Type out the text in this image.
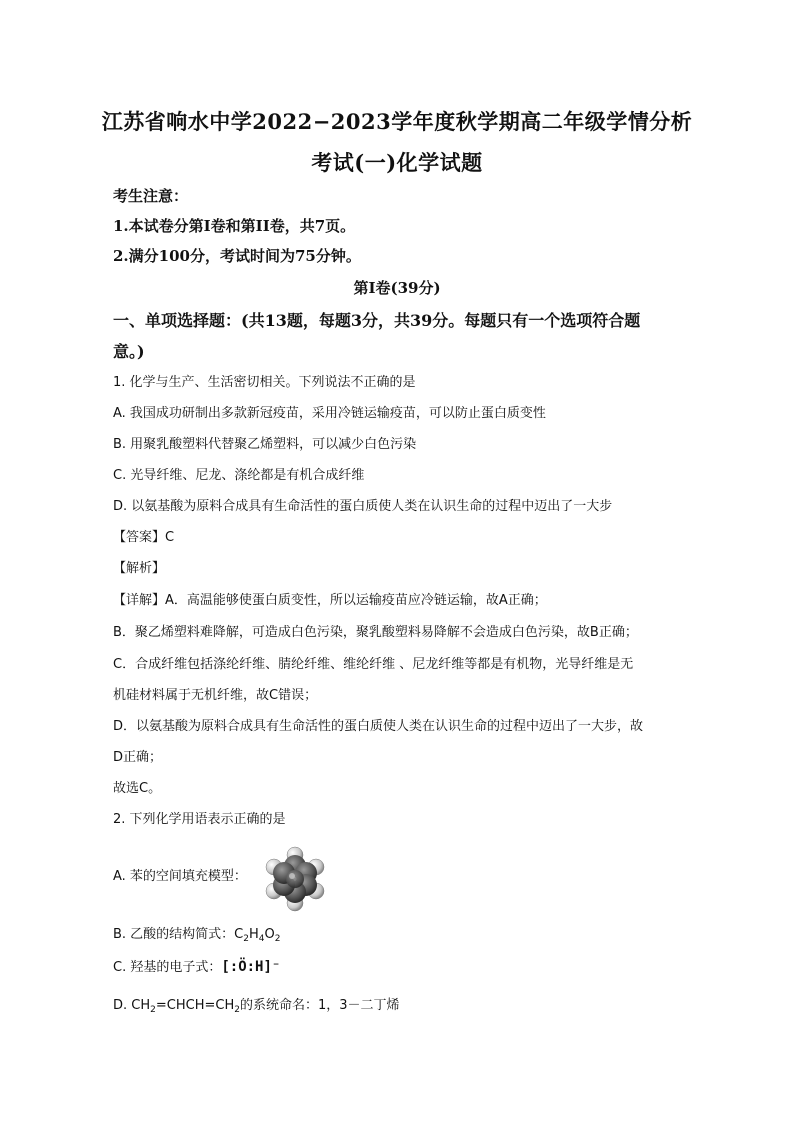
江苏省响水中学2022−2023学年度秋学期高二年级学情分析
考试(一)化学试题
考生注意：
1.本试卷分第I卷和第II卷，共7页。
2.满分100分，考试时间为75分钟。
第I卷(39分)
一、单项选择题：(共13题，每题3分，共39分。每题只有一个选项符合题
意。)
1. 化学与生产、生活密切相关。下列说法不正确的是
A. 我国成功研制出多款新冠疫苗，采用冷链运输疫苗，可以防止蛋白质变性
B. 用聚乳酸塑料代替聚乙烯塑料，可以减少白色污染
C. 光导纤维、尼龙、涤纶都是有机合成纤维
D. 以氨基酸为原料合成具有生命活性的蛋白质使人类在认识生命的过程中迈出了一大步
【答案】C
【解析】
【详解】A．高温能够使蛋白质变性，所以运输疫苗应冷链运输，故A正确；
B．聚乙烯塑料难降解，可造成白色污染，聚乳酸塑料易降解不会造成白色污染，故B正确；
C．合成纤维包括涤纶纤维、腈纶纤维、维纶纤维 、尼龙纤维等都是有机物，光导纤维是无
机硅材料属于无机纤维，故C错误；
D．以氨基酸为原料合成具有生命活性的蛋白质使人类在认识生命的过程中迈出了一大步，故
D正确；
故选C。
2. 下列化学用语表示正确的是
A. 苯的空间填充模型：
B. 乙酸的结构简式：$C_2H_4O_2$
C. 羟基的电子式：[:Ö:H]⁻
D. $CH_2=CHCH=CH_2$的系统命名：1，3－二丁烯
